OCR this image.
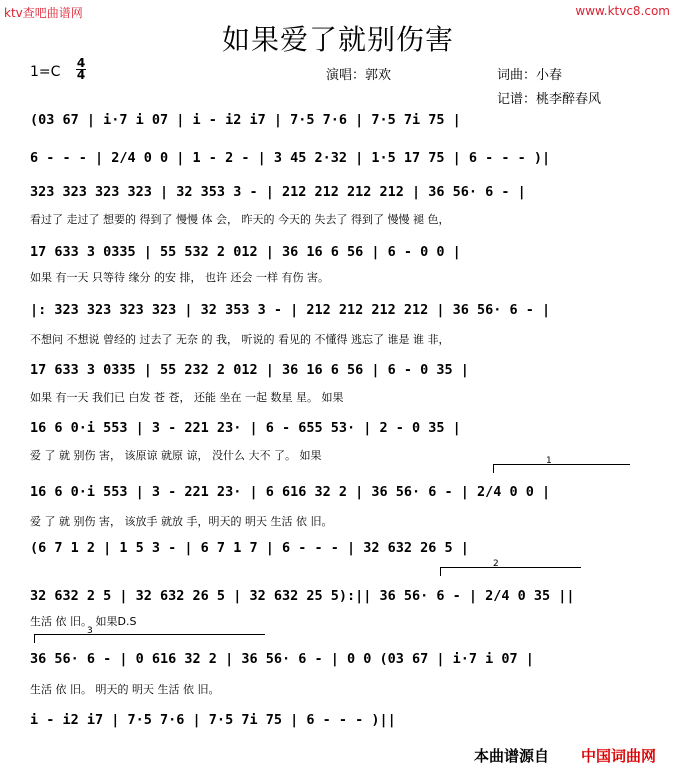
ktv查吧曲谱网	www.ktvc8.com
如果爱了就别伤害
1=C
4
4	演唱：郭欢	词曲：小春
记谱：桃李醉春风
(03 67 | i·7 i 07 | i - i2 i7 | 7·5 7·6 | 7·5 7i 75 |
6 - - - | 2/4 0 0 | 1 - 2 - | 3 45 2·32 | 1·5 17 75 | 6 - - - )|
323 323 323 323 | 32 353 3 - | 212 212 212 212 | 36 56· 6 - |
看过了 走过了 想要的 得到了 慢慢 体 会， 昨天的 今天的 失去了 得到了 慢慢 褪 色，
17 633 3 0335 | 55 532 2 012 | 36 16 6 56 | 6 - 0 0 |
如果 有一天 只等待 缘分 的安 排， 也许 还会 一样 有伤 害。
|: 323 323 323 323 | 32 353 3 - | 212 212 212 212 | 36 56· 6 - |
不想问 不想说 曾经的 过去了 无奈 的 我， 听说的 看见的 不懂得 逃忘了 谁是 谁 非，
17 633 3 0335 | 55 232 2 012 | 36 16 6 56 | 6 - 0 35 |
如果 有一天 我们已 白发 苍 苍， 还能 坐在 一起 数星 星。 如果
16 6 0·i 553 | 3 - 221 23· | 6 - 655 53· | 2 - 0 35 |
爱 了 就 别伤 害， 该原谅 就原 谅， 没什么 大不 了。 如果
16 6 0·i 553 | 3 - 221 23· | 6 616 32 2 | 36 56· 6 - | 2/4 0 0 |
爱 了 就 别伤 害， 该放手 就放 手，明天的 明天 生活 依 旧。
(6 7 1 2 | 1 5 3 - | 6 7 1 7 | 6 - - - | 32 632 26 5 |
32 632 2 5 | 32 632 26 5 | 32 632 25 5):|| 36 56· 6 - | 2/4 0 35 ||
生活 依 旧。 如果D.S
36 56· 6 - | 0 616 32 2 | 36 56· 6 - | 0 0 (03 67 | i·7 i 07 |
生活 依 旧。 明天的 明天 生活 依 旧。
i - i2 i7 | 7·5 7·6 | 7·5 7i 75 | 6 - - - )||
1
2
3
本曲谱源自 中国词曲网
